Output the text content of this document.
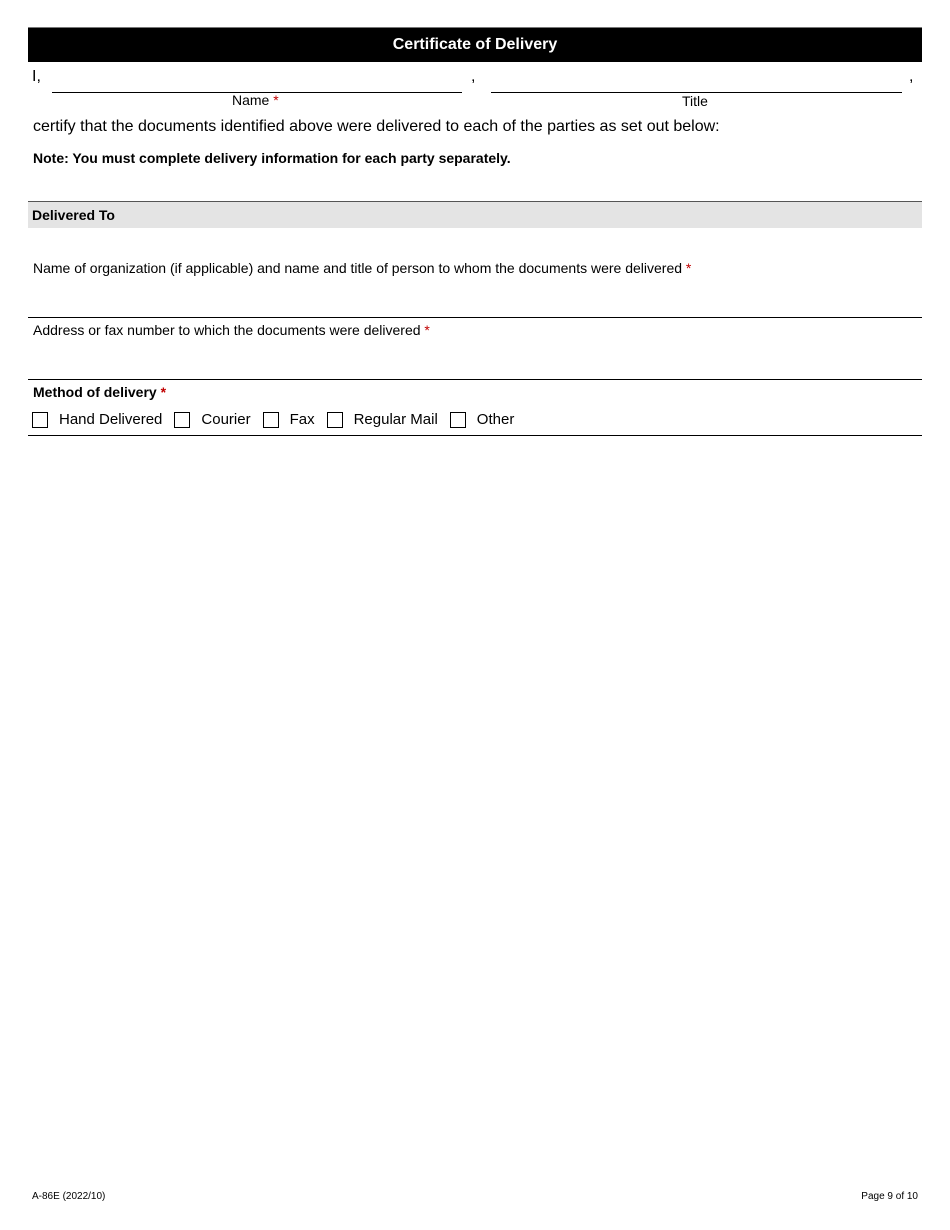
Certificate of Delivery
I,	,	,
Name *	Title
certify that the documents identified above were delivered to each of the parties as set out below:
Note: You must complete delivery information for each party separately.
Delivered To
Name of organization (if applicable) and name and title of person to whom the documents were delivered *
Address or fax number to which the documents were delivered *
Method of delivery *
Hand Delivered	Courier	Fax	Regular Mail	Other
A-86E (2022/10)	Page 9 of 10
